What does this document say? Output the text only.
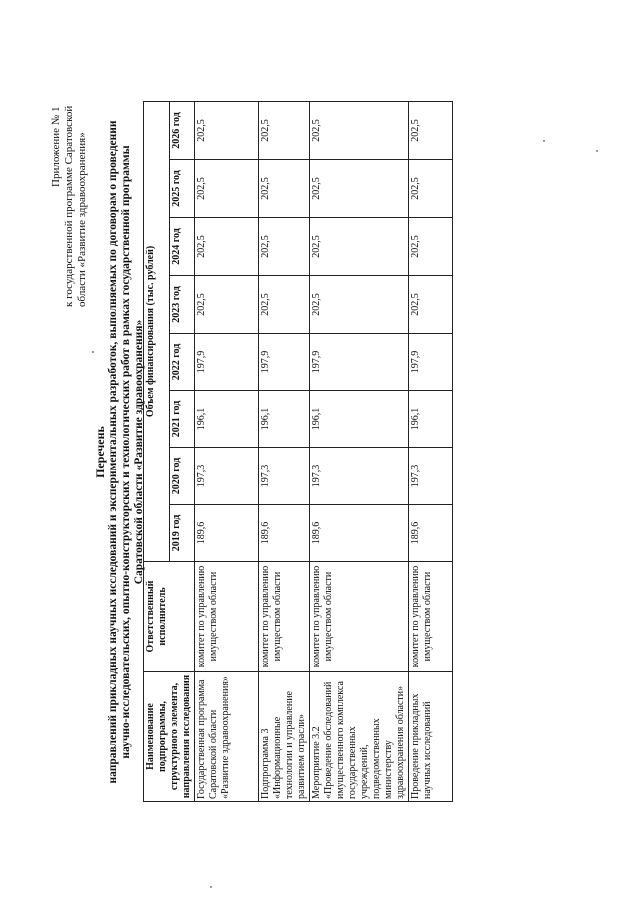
Приложение № 1 к государственной программе Саратовской области «Развитие здравоохранения»
Перечень направлений прикладных научных исследований и экспериментальных разработок, выполняемых по договорам о проведении научно-исследовательских, опытно-конструкторских и технологических работ в рамках государственной программы Саратовской области «Развитие здравоохранения»
Наименование подпрограммы, структурного элемента, направления исследования	Ответственный исполнитель	Объем финансирования (тыс. рублей)							
		2019 год	2020 год	2021 год	2022 год	2023 год	2024 год	2025 год	2026 год
Государственная программа Саратовской области «Развитие здравоохранения»	комитет по управлению имуществом области	189,6	197,3	196,1	197,9	202,5	202,5	202,5	202,5
Подпрограмма 3 «Информационные технологии и управление развитием отрасли»	комитет по управлению имуществом области	189,6	197,3	196,1	197,9	202,5	202,5	202,5	202,5
Мероприятие 3.2 «Проведение обследований имущественного комплекса государственных учреждений, подведомственных министерству здравоохранения области»	комитет по управлению имуществом области	189,6	197,3	196,1	197,9	202,5	202,5	202,5	202,5
Проведение прикладных научных исследований	комитет по управлению имуществом области	189,6	197,3	196,1	197,9	202,5	202,5	202,5	202,5
